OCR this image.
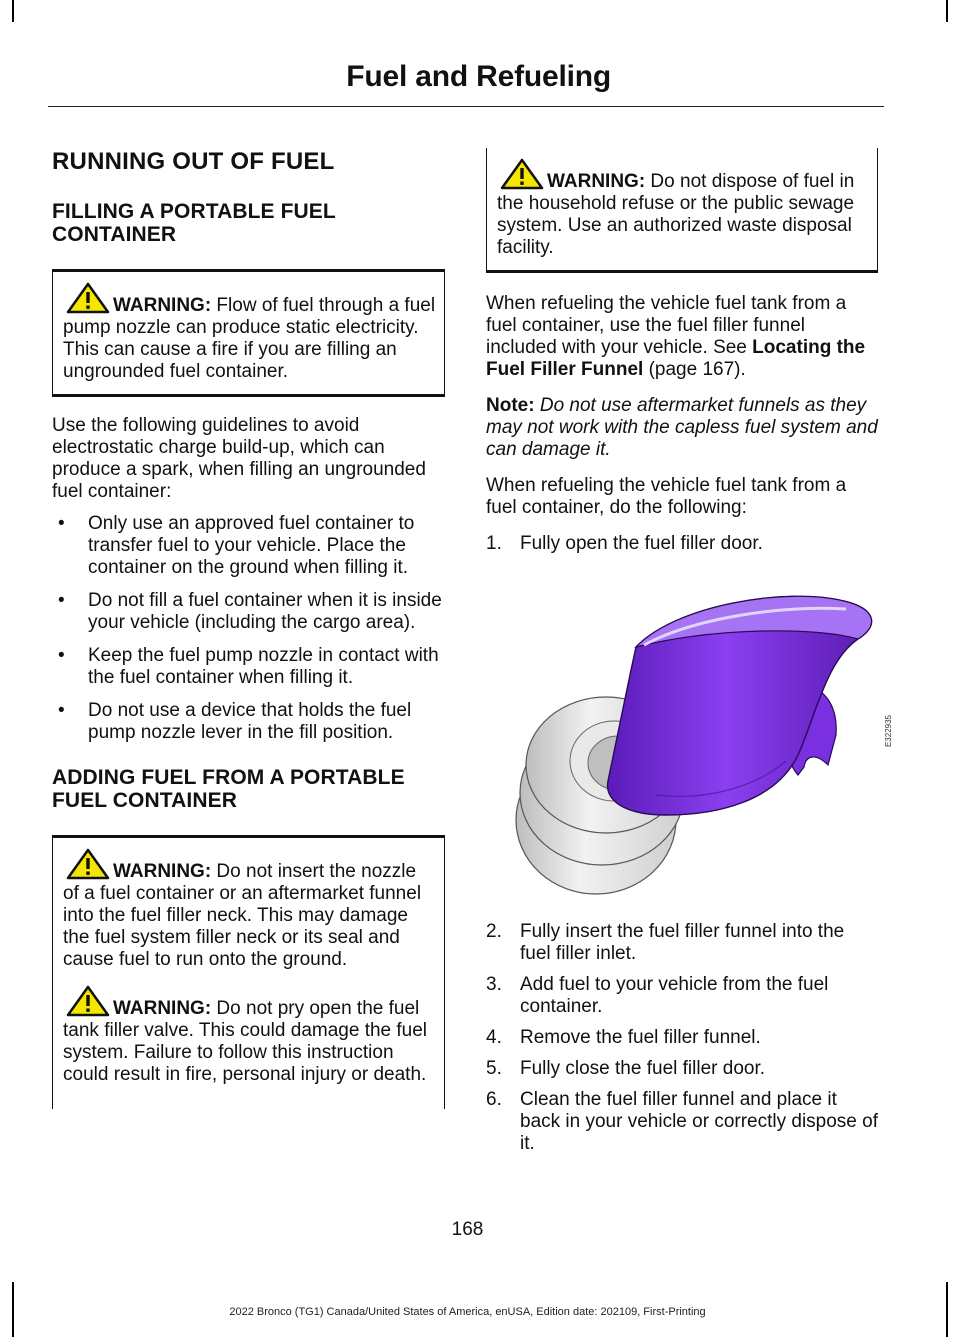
Fuel and Refueling
RUNNING OUT OF FUEL
FILLING A PORTABLE FUEL CONTAINER
WARNING: Flow of fuel through a fuel pump nozzle can produce static electricity. This can cause a fire if you are filling an ungrounded fuel container.

Use the following guidelines to avoid electrostatic charge build-up, which can produce a spark, when filling an ungrounded fuel container:

• Only use an approved fuel container to transfer fuel to your vehicle. Place the container on the ground when filling it.
• Do not fill a fuel container when it is inside your vehicle (including the cargo area).
• Keep the fuel pump nozzle in contact with the fuel container when filling it.
• Do not use a device that holds the fuel pump nozzle lever in the fill position.
ADDING FUEL FROM A PORTABLE FUEL CONTAINER
WARNING: Do not insert the nozzle of a fuel container or an aftermarket funnel into the fuel filler neck. This may damage the fuel system filler neck or its seal and cause fuel to run onto the ground.
WARNING: Do not pry open the fuel tank filler valve. This could damage the fuel system. Failure to follow this instruction could result in fire, personal injury or death.
WARNING: Do not dispose of fuel in the household refuse or the public sewage system. Use an authorized waste disposal facility.

When refueling the vehicle fuel tank from a fuel container, use the fuel filler funnel included with your vehicle. See Locating the Fuel Filler Funnel (page 167).

Note: Do not use aftermarket funnels as they may not work with the capless fuel system and can damage it.

When refueling the vehicle fuel tank from a fuel container, do the following:

1. Fully open the fuel filler door.
E322935
2. Fully insert the fuel filler funnel into the fuel filler inlet.
3. Add fuel to your vehicle from the fuel container.
4. Remove the fuel filler funnel.
5. Fully close the fuel filler door.
6. Clean the fuel filler funnel and place it back in your vehicle or correctly dispose of it.
168
2022 Bronco (TG1) Canada/United States of America, enUSA, Edition date: 202109, First-Printing
